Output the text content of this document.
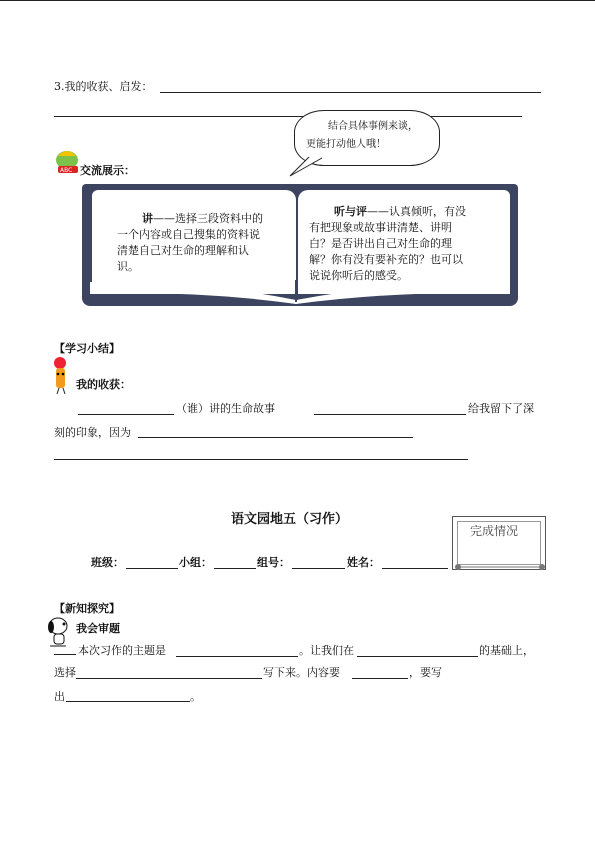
3.我的收获、启发：
结合具体事例来谈，
更能打动他人哦！
ABC 交流展示：
讲——选择三段资料中的
一个内容或自己搜集的资料说
清楚自己对生命的理解和认
识。
听与评——认真倾听，有没
有把现象或故事讲清楚、讲明
白？是否讲出自己对生命的理
解？你有没有要补充的？也可以
说说你听后的感受。
【学习小结】
我的收获：
（谁）讲的生命故事	给我留下了深
刻的印象，因为
语文园地五（习作）
完成情况
班级：	小组：	组号：	姓名：
【新知探究】
我会审题
本次习作的主题是	。让我们在	的基础上，
选择	写下来。内容要	，要写
出	。
